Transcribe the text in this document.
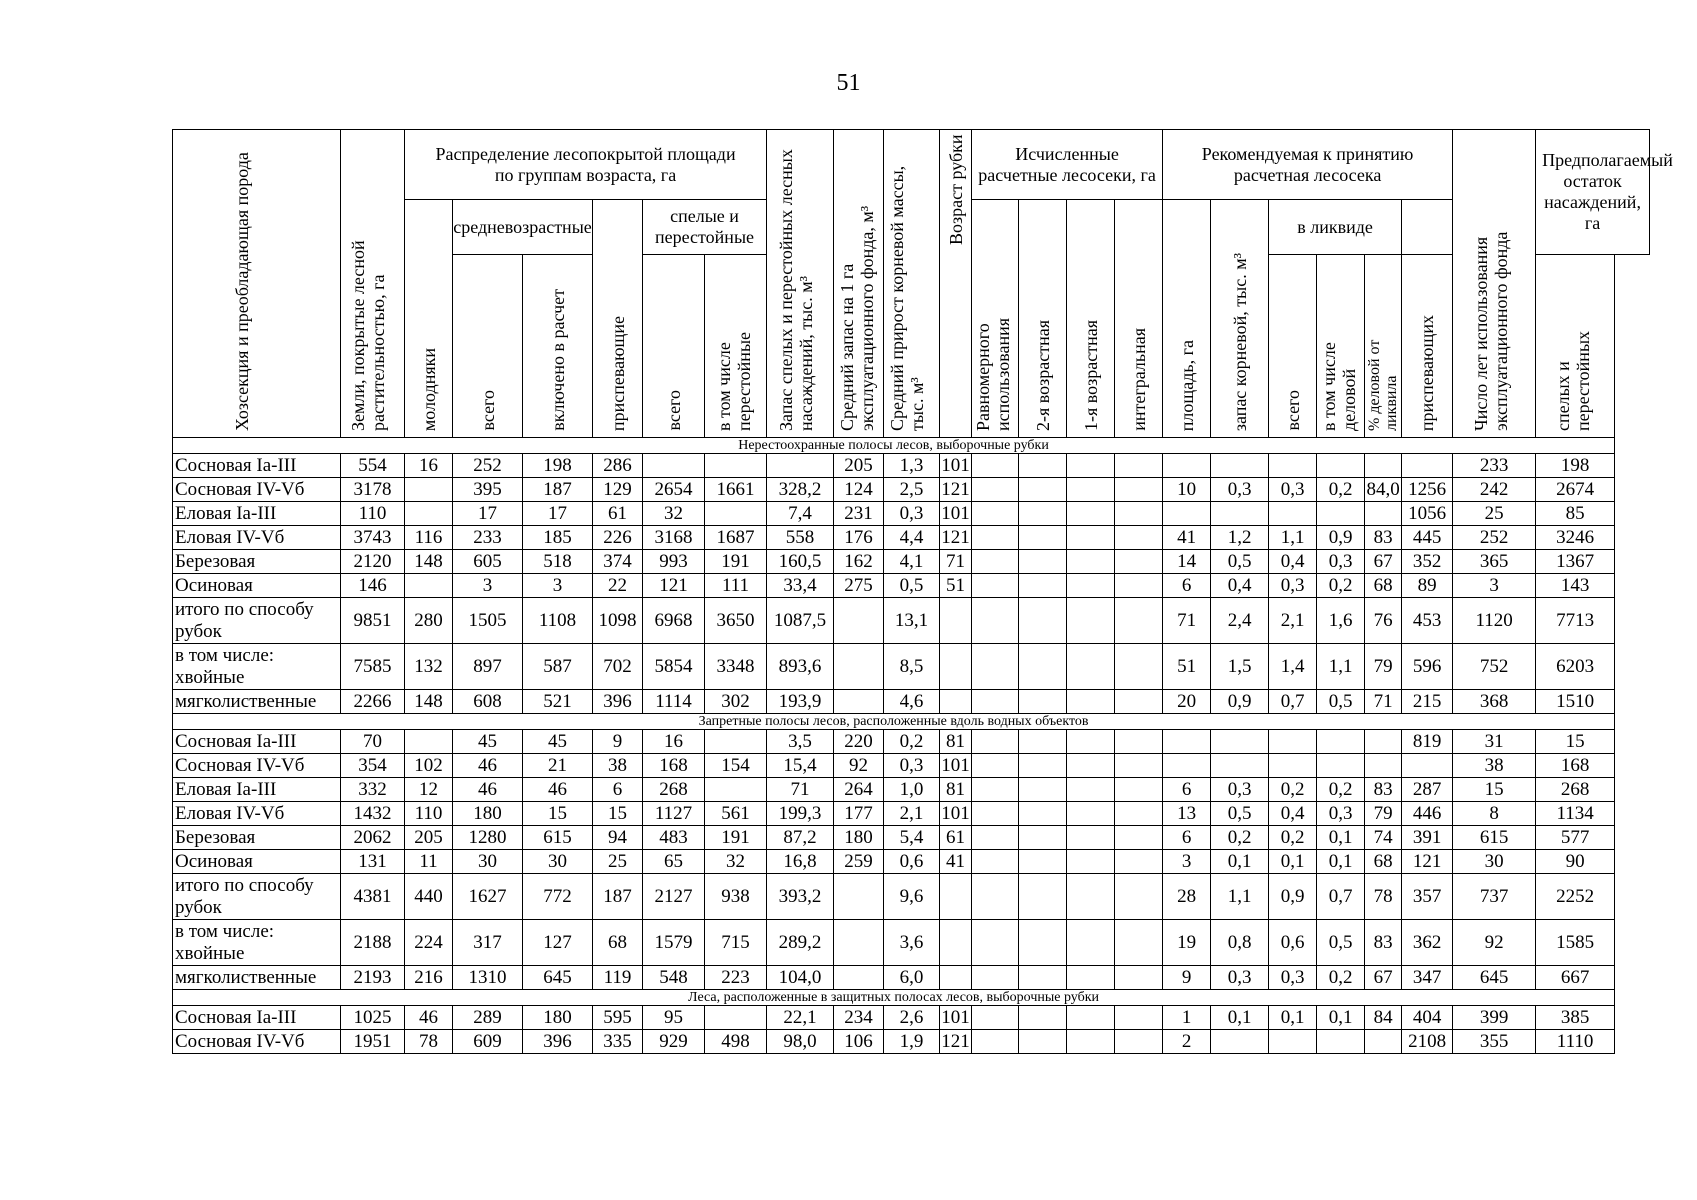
51
Хозсекция и преобладающая порода	Земли, покрытые лесной растительностью, га	Распределение лесопокрытой площади по группам возраста, га						Запас спелых и перестойных лесных насаждений, тыс. м³	Средний запас на 1 га эксплуатационного фонда, м³	Средний прирост корневой массы, тыс. м³	Возраст рубки	Исчисленные расчетные лесосеки, га				Рекомендуемая к принятию расчетная лесосека						Число лет использования эксплуатационного фонда	Предполагаемый остаток насаждений, га

		молодняки	средневозрастные		приспевающие	спелые и перестойные						Равномерного использования	2-я возрастная	1-я возрастная	интегральная	площадь, га	запас корневой, тыс. м³	в ликвиде					

			всего	включено в расчет		всего	в том числе перестойные											всего	в том числе деловой	% деловой от ликвила	приспевающих		спелых и перестойных

Нерестоохранные полосы лесов, выборочные рубки																							
Сосновая Ia-III	554	16	252	198	286				205	1,3	101											233	198
Сосновая IV-Vб	3178		395	187	129	2654	1661	328,2	124	2,5	121					10	0,3	0,3	0,2	84,0	1256	242	2674
Еловая Ia-III	110		17	17	61	32		7,4	231	0,3	101										1056	25	85
Еловая IV-Vб	3743	116	233	185	226	3168	1687	558	176	4,4	121					41	1,2	1,1	0,9	83	445	252	3246
Березовая	2120	148	605	518	374	993	191	160,5	162	4,1	71					14	0,5	0,4	0,3	67	352	365	1367
Осиновая	146		3	3	22	121	111	33,4	275	0,5	51					6	0,4	0,3	0,2	68	89	3	143
итого по способу рубок	9851	280	1505	1108	1098	6968	3650	1087,5		13,1						71	2,4	2,1	1,6	76	453	1120	7713
в том числе: хвойные	7585	132	897	587	702	5854	3348	893,6		8,5						51	1,5	1,4	1,1	79	596	752	6203
мягколиственные	2266	148	608	521	396	1114	302	193,9		4,6						20	0,9	0,7	0,5	71	215	368	1510
Запретные полосы лесов, расположенные вдоль водных объектов																							
Сосновая Ia-III	70		45	45	9	16		3,5	220	0,2	81										819	31	15
Сосновая IV-Vб	354	102	46	21	38	168	154	15,4	92	0,3	101											38	168
Еловая Ia-III	332	12	46	46	6	268		71	264	1,0	81					6	0,3	0,2	0,2	83	287	15	268
Еловая IV-Vб	1432	110	180	15	15	1127	561	199,3	177	2,1	101					13	0,5	0,4	0,3	79	446	8	1134
Березовая	2062	205	1280	615	94	483	191	87,2	180	5,4	61					6	0,2	0,2	0,1	74	391	615	577
Осиновая	131	11	30	30	25	65	32	16,8	259	0,6	41					3	0,1	0,1	0,1	68	121	30	90
итого по способу рубок	4381	440	1627	772	187	2127	938	393,2		9,6						28	1,1	0,9	0,7	78	357	737	2252
в том числе: хвойные	2188	224	317	127	68	1579	715	289,2		3,6						19	0,8	0,6	0,5	83	362	92	1585
мягколиственные	2193	216	1310	645	119	548	223	104,0		6,0						9	0,3	0,3	0,2	67	347	645	667
Леса, расположенные в защитных полосах лесов, выборочные рубки																							
Сосновая Ia-III	1025	46	289	180	595	95		22,1	234	2,6	101					1	0,1	0,1	0,1	84	404	399	385
Сосновая IV-Vб	1951	78	609	396	335	929	498	98,0	106	1,9	121					2					2108	355	1110
